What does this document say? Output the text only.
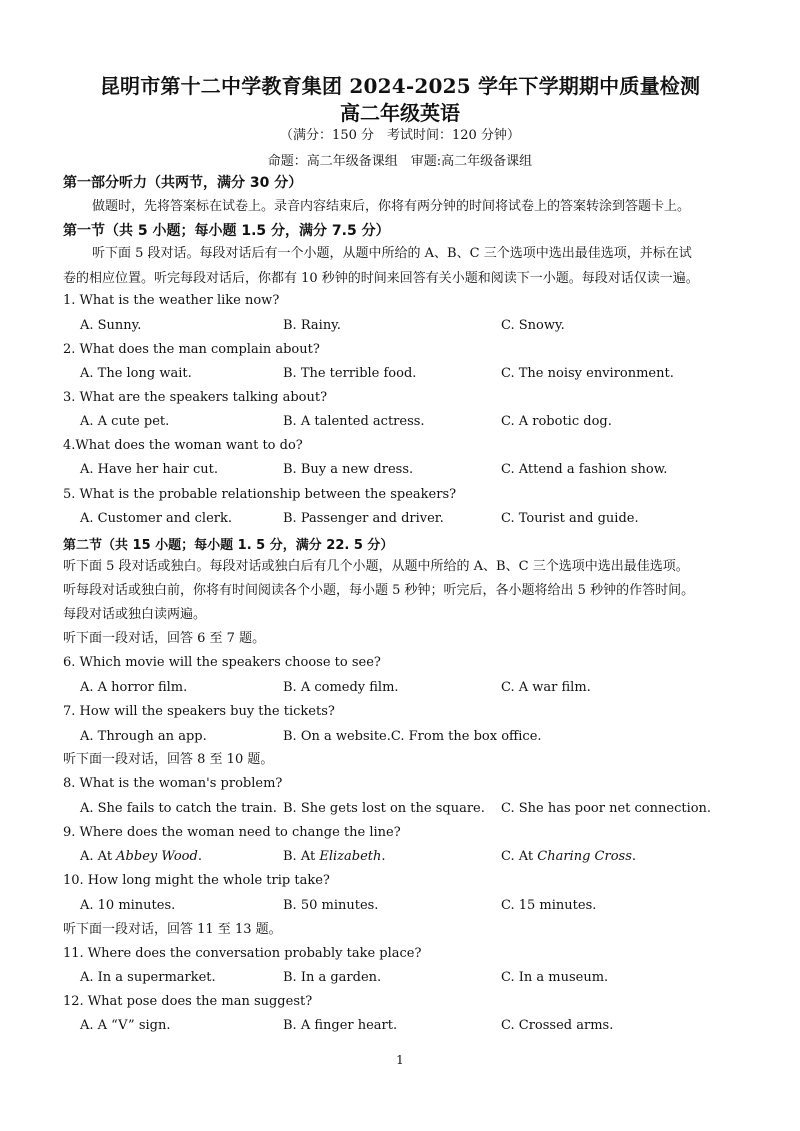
昆明市第十二中学教育集团 2024-2025 学年下学期期中质量检测
高二年级英语
（满分：150 分　考试时间：120 分钟）
命题：高二年级备课组　审题:高二年级备课组
第一部分听力（共两节，满分 30 分）
做题时，先将答案标在试卷上。录音内容结束后，你将有两分钟的时间将试卷上的答案转涂到答题卡上。
第一节（共 5 小题；每小题 1.5 分，满分 7.5 分）
听下面 5 段对话。每段对话后有一个小题，从题中所给的 A、B、C 三个选项中选出最佳选项，并标在试
卷的相应位置。听完每段对话后，你都有 10 秒钟的时间来回答有关小题和阅读下一小题。每段对话仅读一遍。
1. What is the weather like now?
A. Sunny.	B. Rainy.	C. Snowy.
2. What does the man complain about?
A. The long wait.	B. The terrible food.	C. The noisy environment.
3. What are the speakers talking about?
A. A cute pet.	B. A talented actress.	C. A robotic dog.
4.What does the woman want to do?
A. Have her hair cut.	B. Buy a new dress.	C. Attend a fashion show.
5. What is the probable relationship between the speakers?
A. Customer and clerk.	B. Passenger and driver.	C. Tourist and guide.
第二节（共 15 小题；每小题 1. 5 分，满分 22. 5 分）
听下面 5 段对话或独白。每段对话或独白后有几个小题，从题中所给的 A、B、C 三个选项中选出最佳选项。
听每段对话或独白前，你将有时间阅读各个小题，每小题 5 秒钟；听完后，各小题将给出 5 秒钟的作答时间。
每段对话或独白读两遍。
听下面一段对话，回答 6 至 7 题。
6. Which movie will the speakers choose to see?
A. A horror film.	B. A comedy film.	C. A war film.
7. How will the speakers buy the tickets?
A. Through an app.	B. On a website.C. From the box office.
听下面一段对话，回答 8 至 10 题。
8. What is the woman's problem?
A. She fails to catch the train. B. She gets lost on the square. C. She has poor net connection.
9. Where does the woman need to change the line?
A. At Abbey Wood.	B. At Elizabeth.	C. At Charing Cross.
10. How long might the whole trip take?
A. 10 minutes.	B. 50 minutes.	C. 15 minutes.
听下面一段对话，回答 11 至 13 题。
11. Where does the conversation probably take place?
A. In a supermarket.	B. In a garden.	C. In a museum.
12. What pose does the man suggest?
A. A “V” sign.	B. A finger heart.	C. Crossed arms.
1
